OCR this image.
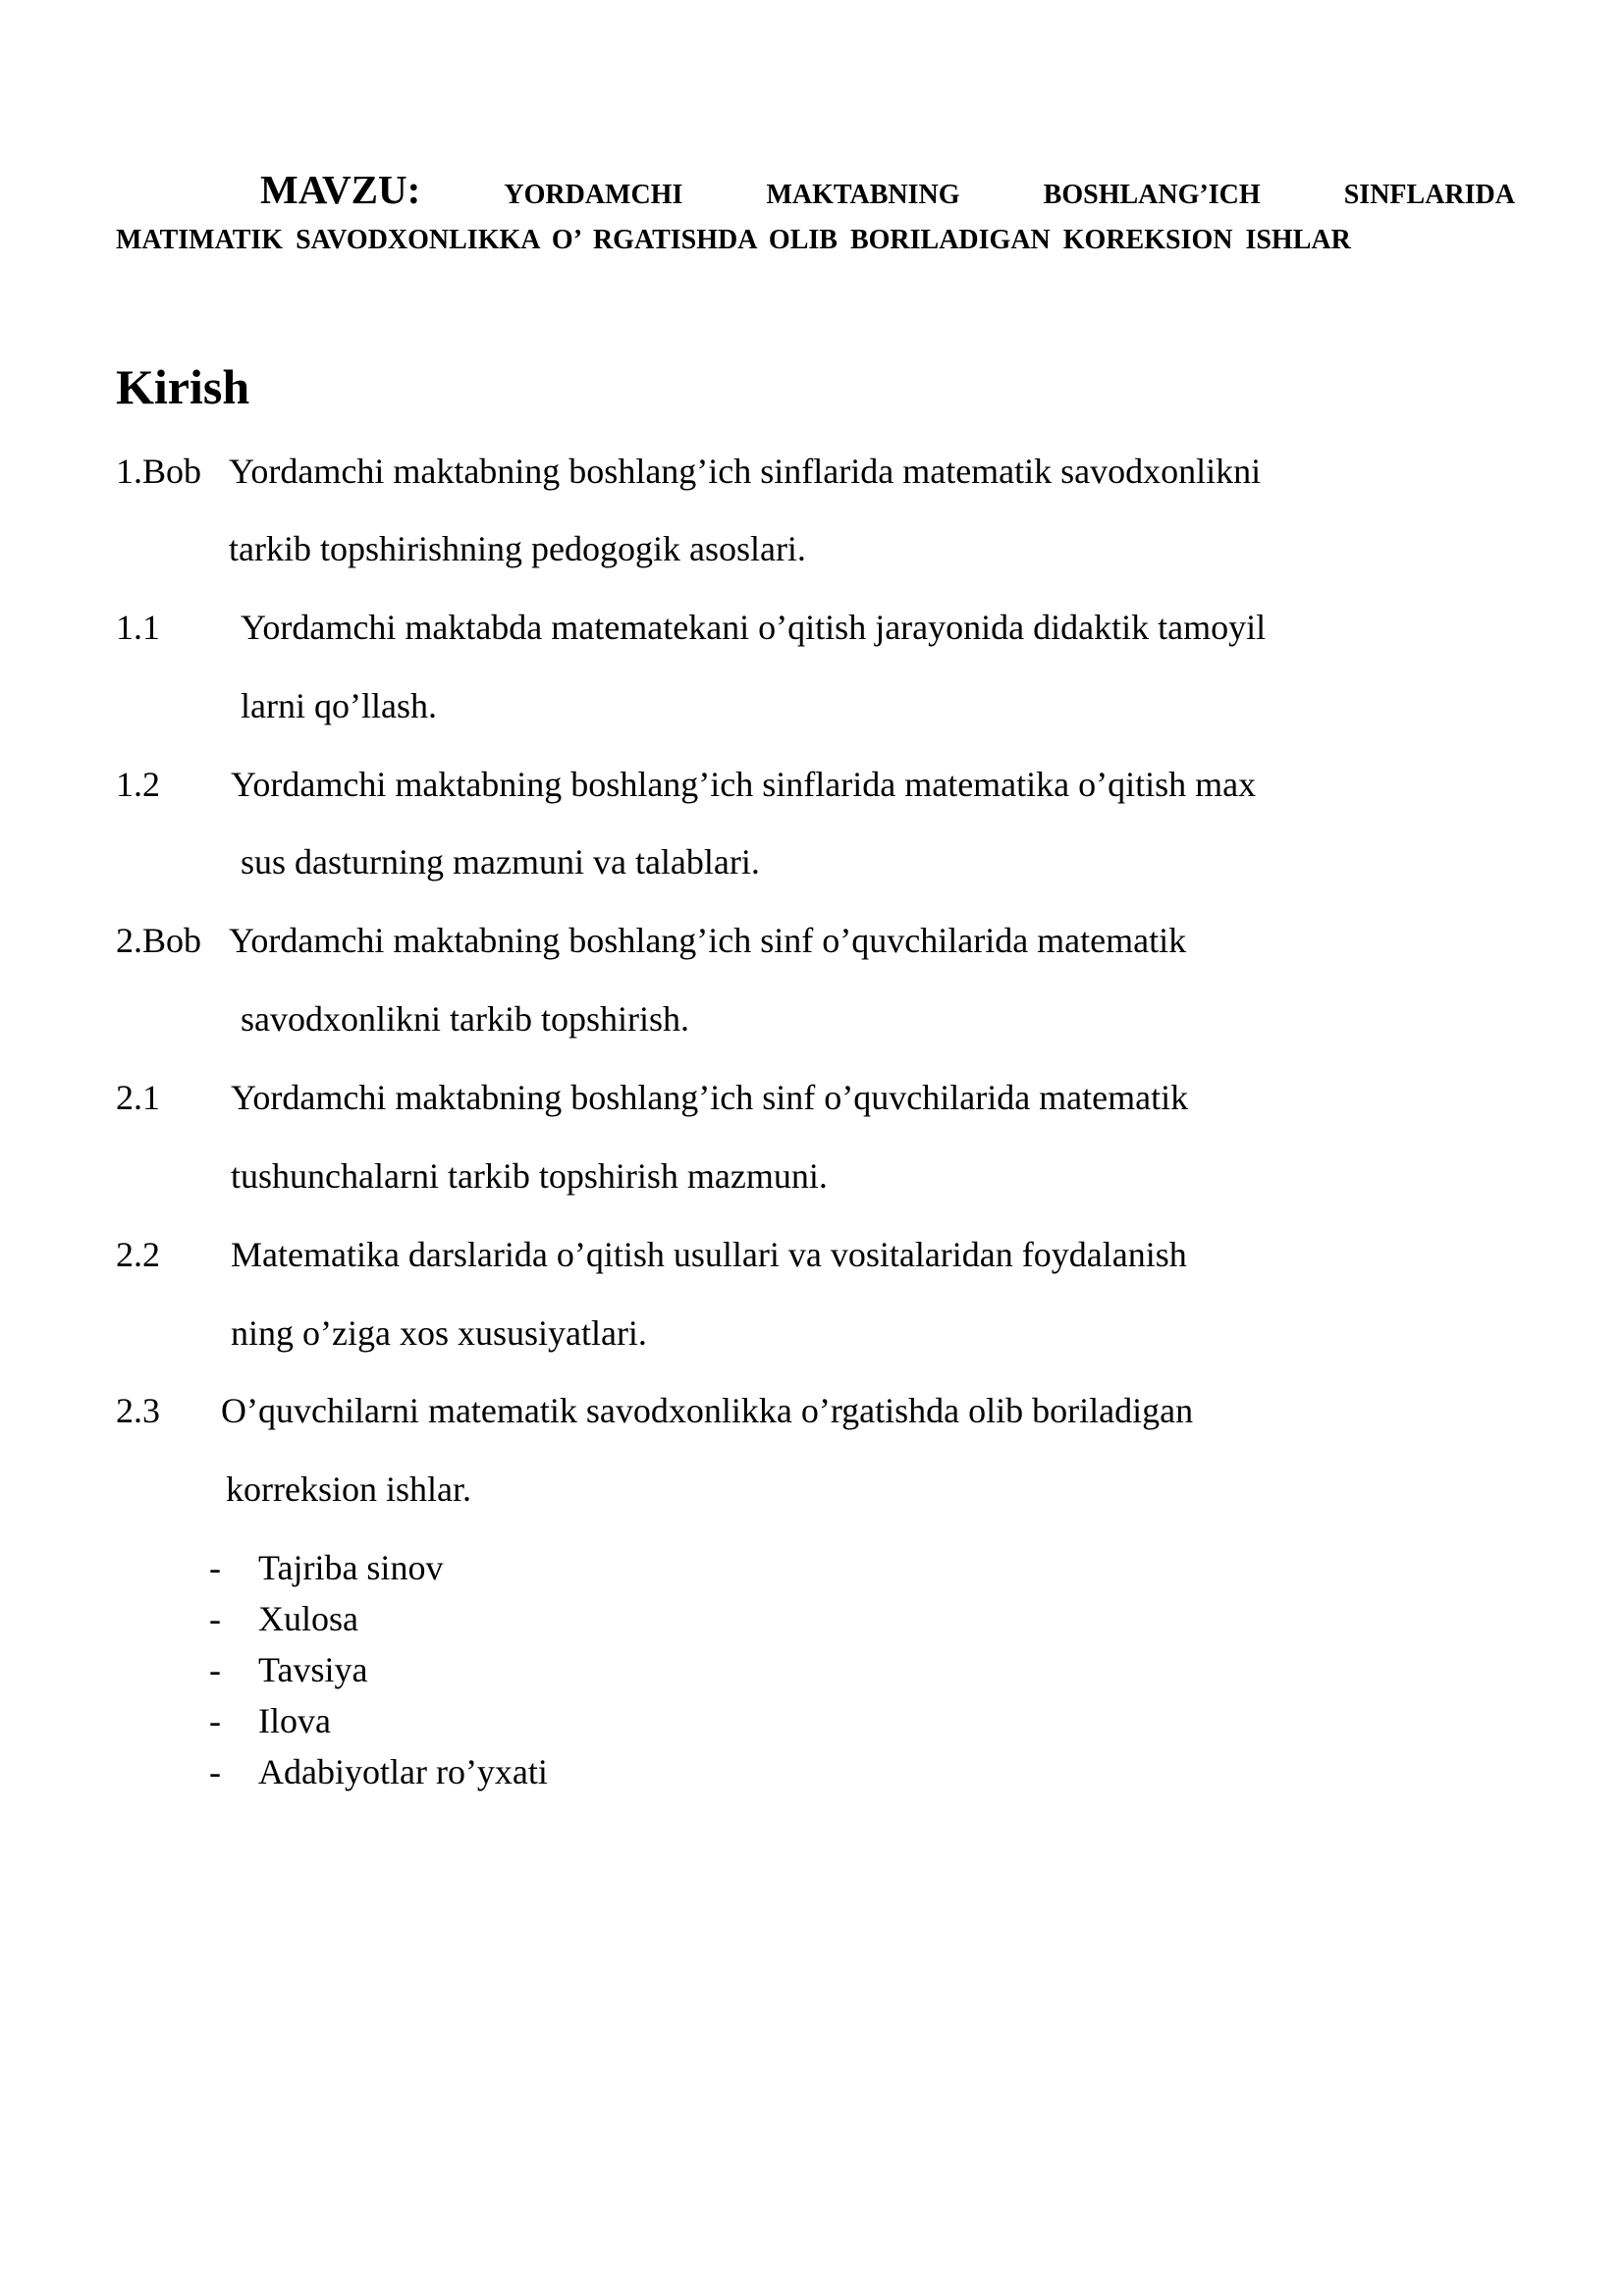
MAVZU:	YORDAMCHI	MAKTABNING	BOSHLANG’ICH	SINFLARIDA
MATIMATIK SAVODXONLIKKA O’ RGATISHDA OLIB BORILADIGAN KOREKSION ISHLAR
Kirish
1.Bob Yordamchi maktabning boshlang’ich sinflarida matematik savodxonlikni
tarkib topshirishning pedogogik asoslari.
1.1 Yordamchi maktabda matematekani o’qitish jarayonida didaktik tamoyil
larni qo’llash.
1.2 Yordamchi maktabning boshlang’ich sinflarida matematika o’qitish max
sus dasturning mazmuni va talablari.
2.Bob Yordamchi maktabning boshlang’ich sinf o’quvchilarida matematik
savodxonlikni tarkib topshirish.
2.1 Yordamchi maktabning boshlang’ich sinf o’quvchilarida matematik
tushunchalarni tarkib topshirish mazmuni.
2.2 Matematika darslarida o’qitish usullari va vositalaridan foydalanish
ning o’ziga xos xususiyatlari.
2.3 O’quvchilarni matematik savodxonlikka o’rgatishda olib boriladigan
korreksion ishlar.
- Tajriba sinov
- Xulosa
- Tavsiya
- Ilova
- Adabiyotlar ro’yxati
